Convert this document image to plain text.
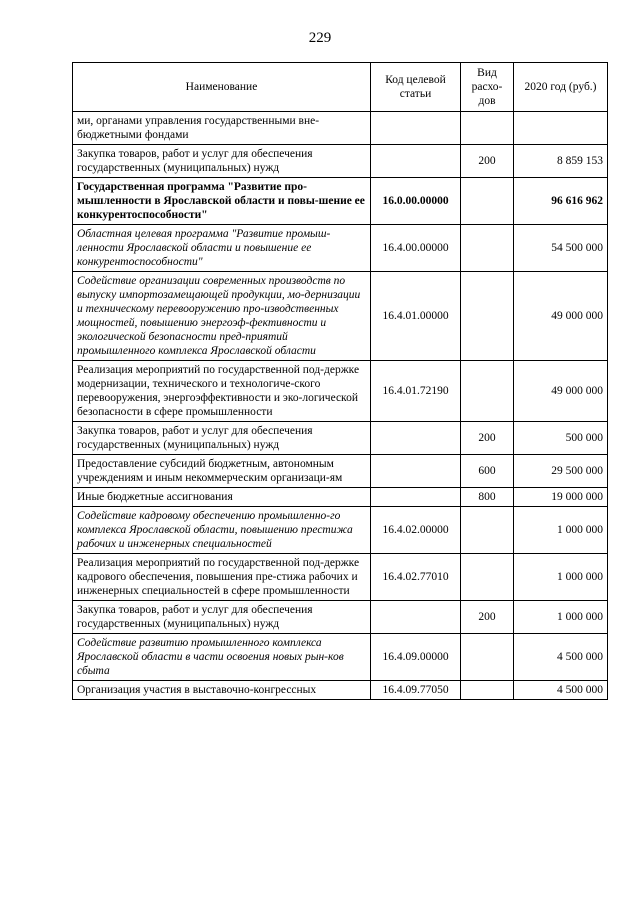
229
Наименование	Код целевой статьи	Вид расхо-дов	2020 год (руб.)
ми, органами управления государственными вне-бюджетными фондами			
Закупка товаров, работ и услуг для обеспечения государственных (муниципальных) нужд		200	8 859 153
Государственная программа "Развитие про-мышленности в Ярославской области и повы-шение ее конкурентоспособности"	16.0.00.00000		96 616 962
Областная целевая программа "Развитие промыш-ленности Ярославской области и повышение ее конкурентоспособности"	16.4.00.00000		54 500 000
Содействие организации современных производств по выпуску импортозамещающей продукции, мо-дернизации и техническому перевооружению про-изводственных мощностей, повышению энергоэф-фективности и экологической безопасности пред-приятий промышленного комплекса Ярославской области	16.4.01.00000		49 000 000
Реализация мероприятий по государственной под-держке модернизации, технического и технологиче-ского перевооружения, энергоэффективности и эко-логической безопасности в сфере промышленности	16.4.01.72190		49 000 000
Закупка товаров, работ и услуг для обеспечения государственных (муниципальных) нужд		200	500 000
Предоставление субсидий бюджетным, автономным учреждениям и иным некоммерческим организаци-ям		600	29 500 000
Иные бюджетные ассигнования		800	19 000 000
Содействие кадровому обеспечению промышленно-го комплекса Ярославской области, повышению престижа рабочих и инженерных специальностей	16.4.02.00000		1 000 000
Реализация мероприятий по государственной под-держке кадрового обеспечения, повышения пре-стижа рабочих и инженерных специальностей в сфере промышленности	16.4.02.77010		1 000 000
Закупка товаров, работ и услуг для обеспечения государственных (муниципальных) нужд		200	1 000 000
Содействие развитию промышленного комплекса Ярославской области в части освоения новых рын-ков сбыта	16.4.09.00000		4 500 000
Организация участия в выставочно-конгрессных	16.4.09.77050		4 500 000
